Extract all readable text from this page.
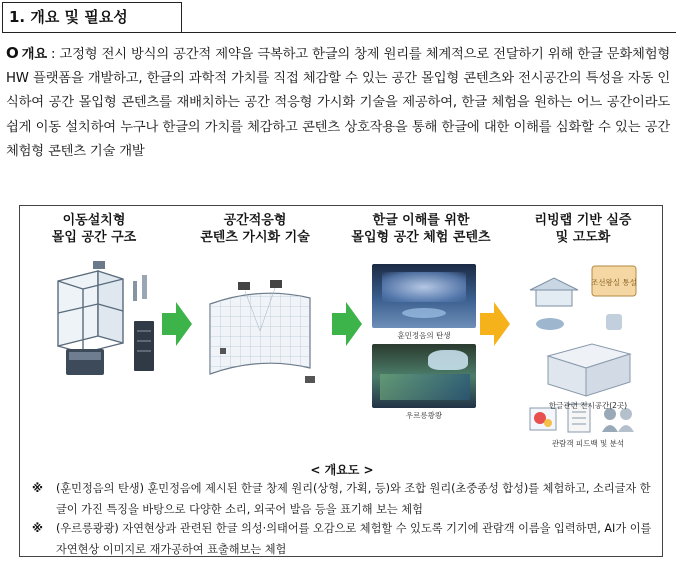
1. 개요 및 필요성
O 개요 : 고정형 전시 방식의 공간적 제약을 극복하고 한글의 창제 원리를 체계적으로 전달하기 위해 한글 문화체험형 HW 플랫폼을 개발하고, 한글의 과학적 가치를 직접 체감할 수 있는 공간 몰입형 콘텐츠와 전시공간의 특성을 자동 인식하여 공간 몰입형 콘텐츠를 재배치하는 공간 적응형 가시화 기술을 제공하여, 한글 체험을 원하는 어느 공간이라도 쉽게 이동 설치하여 누구나 한글의 가치를 체감하고 콘텐츠 상호작용을 통해 한글에 대한 이해를 심화할 수 있는 공간 체험형 콘텐츠 기술 개발
이동설치형
몰입 공간 구조
공간적응형
콘텐츠 가시화 기술
한글 이해를 위한
몰입형 공간 체험 콘텐츠
리빙랩 기반 실증
및 고도화
훈민정음의 탄생
우르릉쾅쾅
조선왕실 통설
한글관련 전시공간(2곳)
관람객 피드백 및 분석
< 개요도 >
※ (훈민정음의 탄생) 훈민정음에 제시된 한글 창제 원리(상형, 가획, 등)와 조합 원리(초중종성 합성)를 체험하고, 소리글자 한글이 가진 특징을 바탕으로 다양한 소리, 외국어 발음 등을 표기해 보는 체험
※ (우르릉쾅쾅) 자연현상과 관련된 한글 의성·의태어를 오감으로 체험할 수 있도록 기기에 관람객 이름을 입력하면, AI가 이를 자연현상 이미지로 재가공하여 표출해보는 체험
